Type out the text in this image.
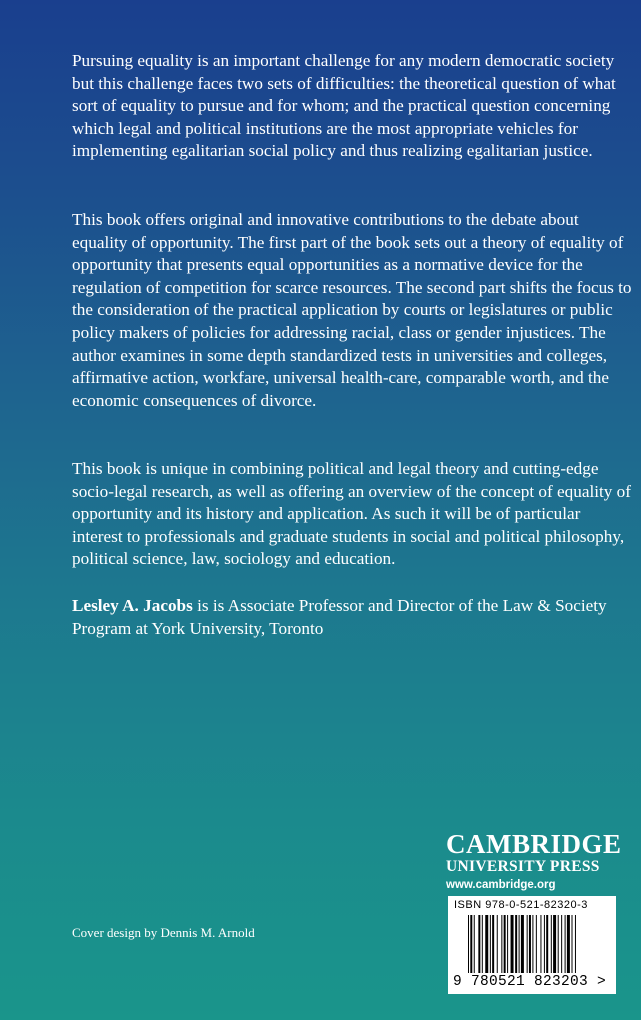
Pursuing equality is an important challenge for any modern democratic society but this challenge faces two sets of difficulties: the theoretical question of what sort of equality to pursue and for whom; and the practical question concerning which legal and political institutions are the most appropriate vehicles for implementing egalitarian social policy and thus realizing egalitarian justice.

This book offers original and innovative contributions to the debate about equality of opportunity. The first part of the book sets out a theory of equality of opportunity that presents equal opportunities as a normative device for the regulation of competition for scarce resources. The second part shifts the focus to the consideration of the practical application by courts or legislatures or public policy makers of policies for addressing racial, class or gender injustices. The author examines in some depth standardized tests in universities and colleges, affirmative action, workfare, universal health-care, comparable worth, and the economic consequences of divorce.

This book is unique in combining political and legal theory and cutting-edge socio-legal research, as well as offering an overview of the concept of equality of opportunity and its history and application. As such it will be of particular interest to professionals and graduate students in social and political philosophy, political science, law, sociology and education.

Lesley A. Jacobs is is Associate Professor and Director of the Law & Society Program at York University, Toronto

CAMBRIDGE
UNIVERSITY PRESS
www.cambridge.org
ISBN 978-0-521-82320-3
9 780521 823203 >
Cover design by Dennis M. Arnold
